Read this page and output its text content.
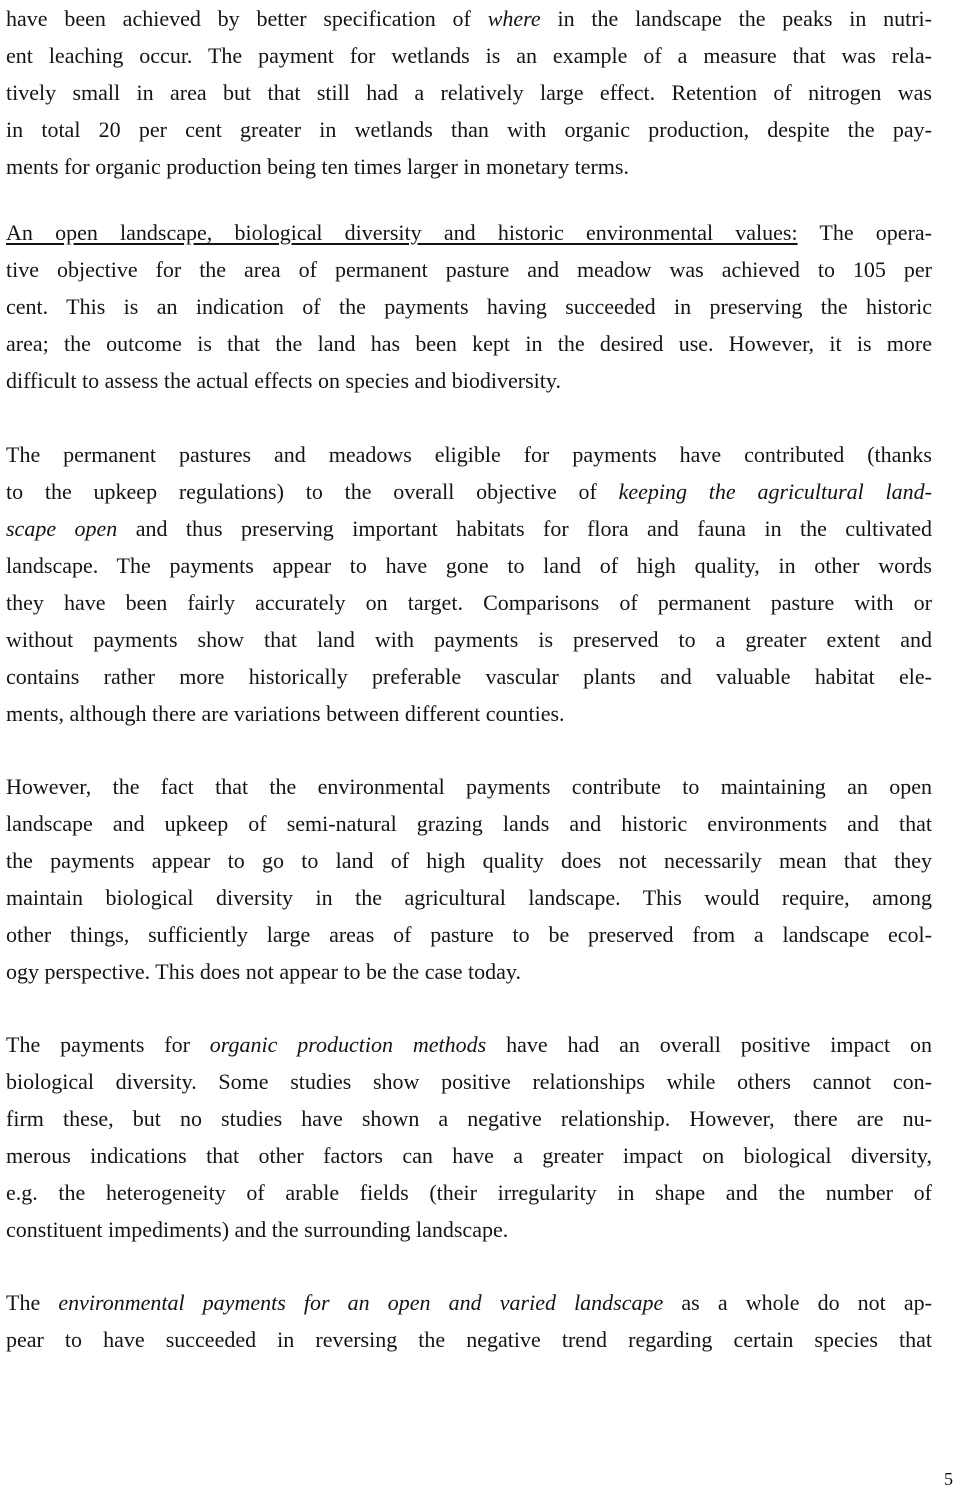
have been achieved by better specification of where in the landscape the peaks in nutri-
ent leaching occur. The payment for wetlands is an example of a measure that was rela-
tively small in area but that still had a relatively large effect. Retention of nitrogen was
in total 20 per cent greater in wetlands than with organic production, despite the pay-
ments for organic production being ten times larger in monetary terms.
An open landscape, biological diversity and historic environmental values: The opera-
tive objective for the area of permanent pasture and meadow was achieved to 105 per
cent. This is an indication of the payments having succeeded in preserving the historic
area; the outcome is that the land has been kept in the desired use. However, it is more
difficult to assess the actual effects on species and biodiversity.
The permanent pastures and meadows eligible for payments have contributed (thanks
to the upkeep regulations) to the overall objective of keeping the agricultural land-
scape open and thus preserving important habitats for flora and fauna in the cultivated
landscape. The payments appear to have gone to land of high quality, in other words
they have been fairly accurately on target. Comparisons of permanent pasture with or
without payments show that land with payments is preserved to a greater extent and
contains rather more historically preferable vascular plants and valuable habitat ele-
ments, although there are variations between different counties.
However, the fact that the environmental payments contribute to maintaining an open
landscape and upkeep of semi-natural grazing lands and historic environments and that
the payments appear to go to land of high quality does not necessarily mean that they
maintain biological diversity in the agricultural landscape. This would require, among
other things, sufficiently large areas of pasture to be preserved from a landscape ecol-
ogy perspective. This does not appear to be the case today.
The payments for organic production methods have had an overall positive impact on
biological diversity. Some studies show positive relationships while others cannot con-
firm these, but no studies have shown a negative relationship. However, there are nu-
merous indications that other factors can have a greater impact on biological diversity,
e.g. the heterogeneity of arable fields (their irregularity in shape and the number of
constituent impediments) and the surrounding landscape.
The environmental payments for an open and varied landscape as a whole do not ap-
pear to have succeeded in reversing the negative trend regarding certain species that
5
